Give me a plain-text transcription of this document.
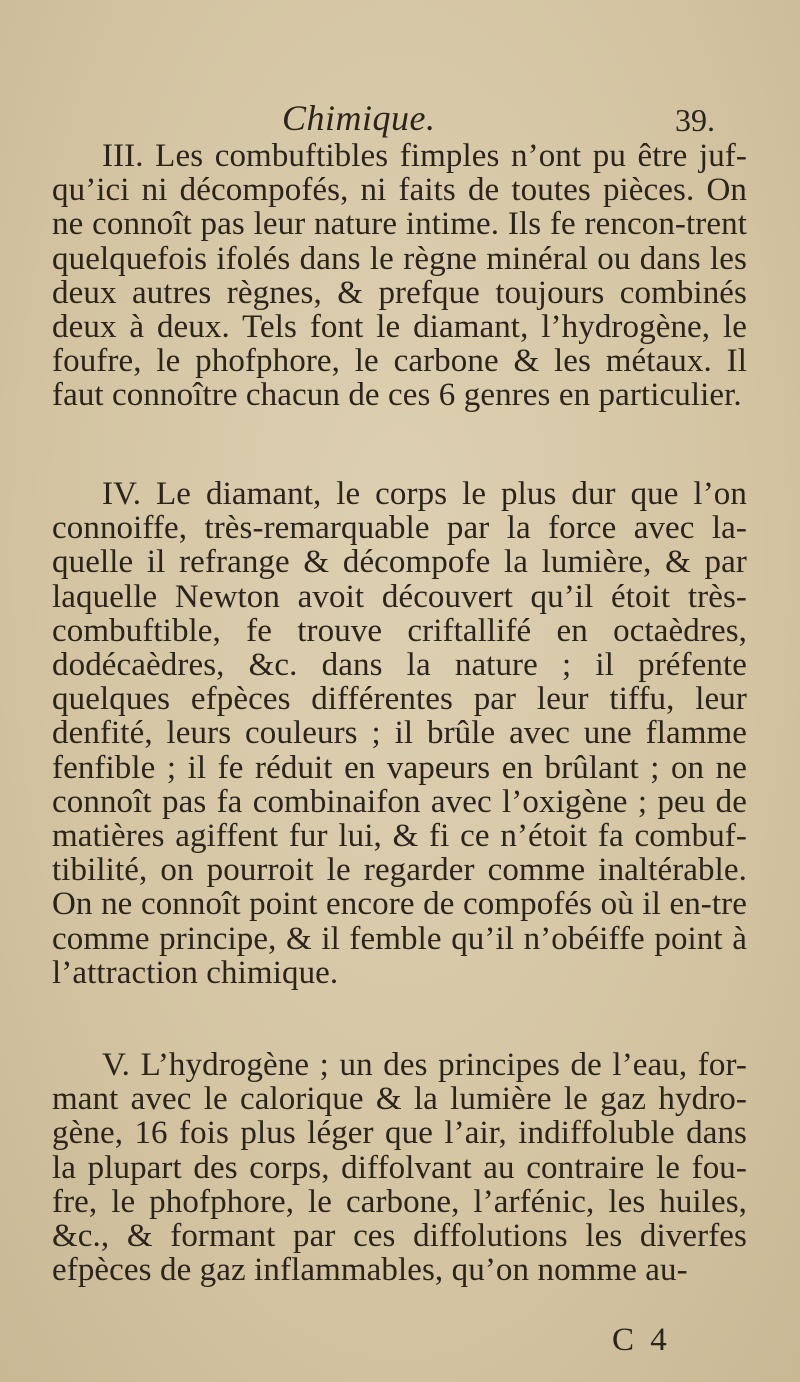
Chimique.	39.

III. Les combuftibles fimples n’ont pu être juf-qu’ici ni décompofés, ni faits de toutes pièces. On ne connoît pas leur nature intime. Ils fe rencon-trent quelquefois ifolés dans le règne minéral ou dans les deux autres règnes, & prefque toujours combinés deux à deux. Tels font le diamant, l’hydrogène, le foufre, le phofphore, le carbone & les métaux. Il faut connoître chacun de ces 6 genres en particulier.

IV. Le diamant, le corps le plus dur que l’on connoiffe, très-remarquable par la force avec la-quelle il refrange & décompofe la lumière, & par laquelle Newton avoit découvert qu’il étoit très-combuftible, fe trouve criftallifé en octaèdres, dodécaèdres, &c. dans la nature ; il préfente quelques efpèces différentes par leur tiffu, leur denfité, leurs couleurs ; il brûle avec une flamme fenfible ; il fe réduit en vapeurs en brûlant ; on ne connoît pas fa combinaifon avec l’oxigène ; peu de matières agiffent fur lui, & fi ce n’étoit fa combuf-tibilité, on pourroit le regarder comme inaltérable. On ne connoît point encore de compofés où il en-tre comme principe, & il femble qu’il n’obéiffe point à l’attraction chimique.

V. L’hydrogène ; un des principes de l’eau, for-mant avec le calorique & la lumière le gaz hydro-gène, 16 fois plus léger que l’air, indiffoluble dans la plupart des corps, diffolvant au contraire le fou-fre, le phofphore, le carbone, l’arfénic, les huiles, &c., & formant par ces diffolutions les diverfes efpèces de gaz inflammables, qu’on nomme au-

C 4
